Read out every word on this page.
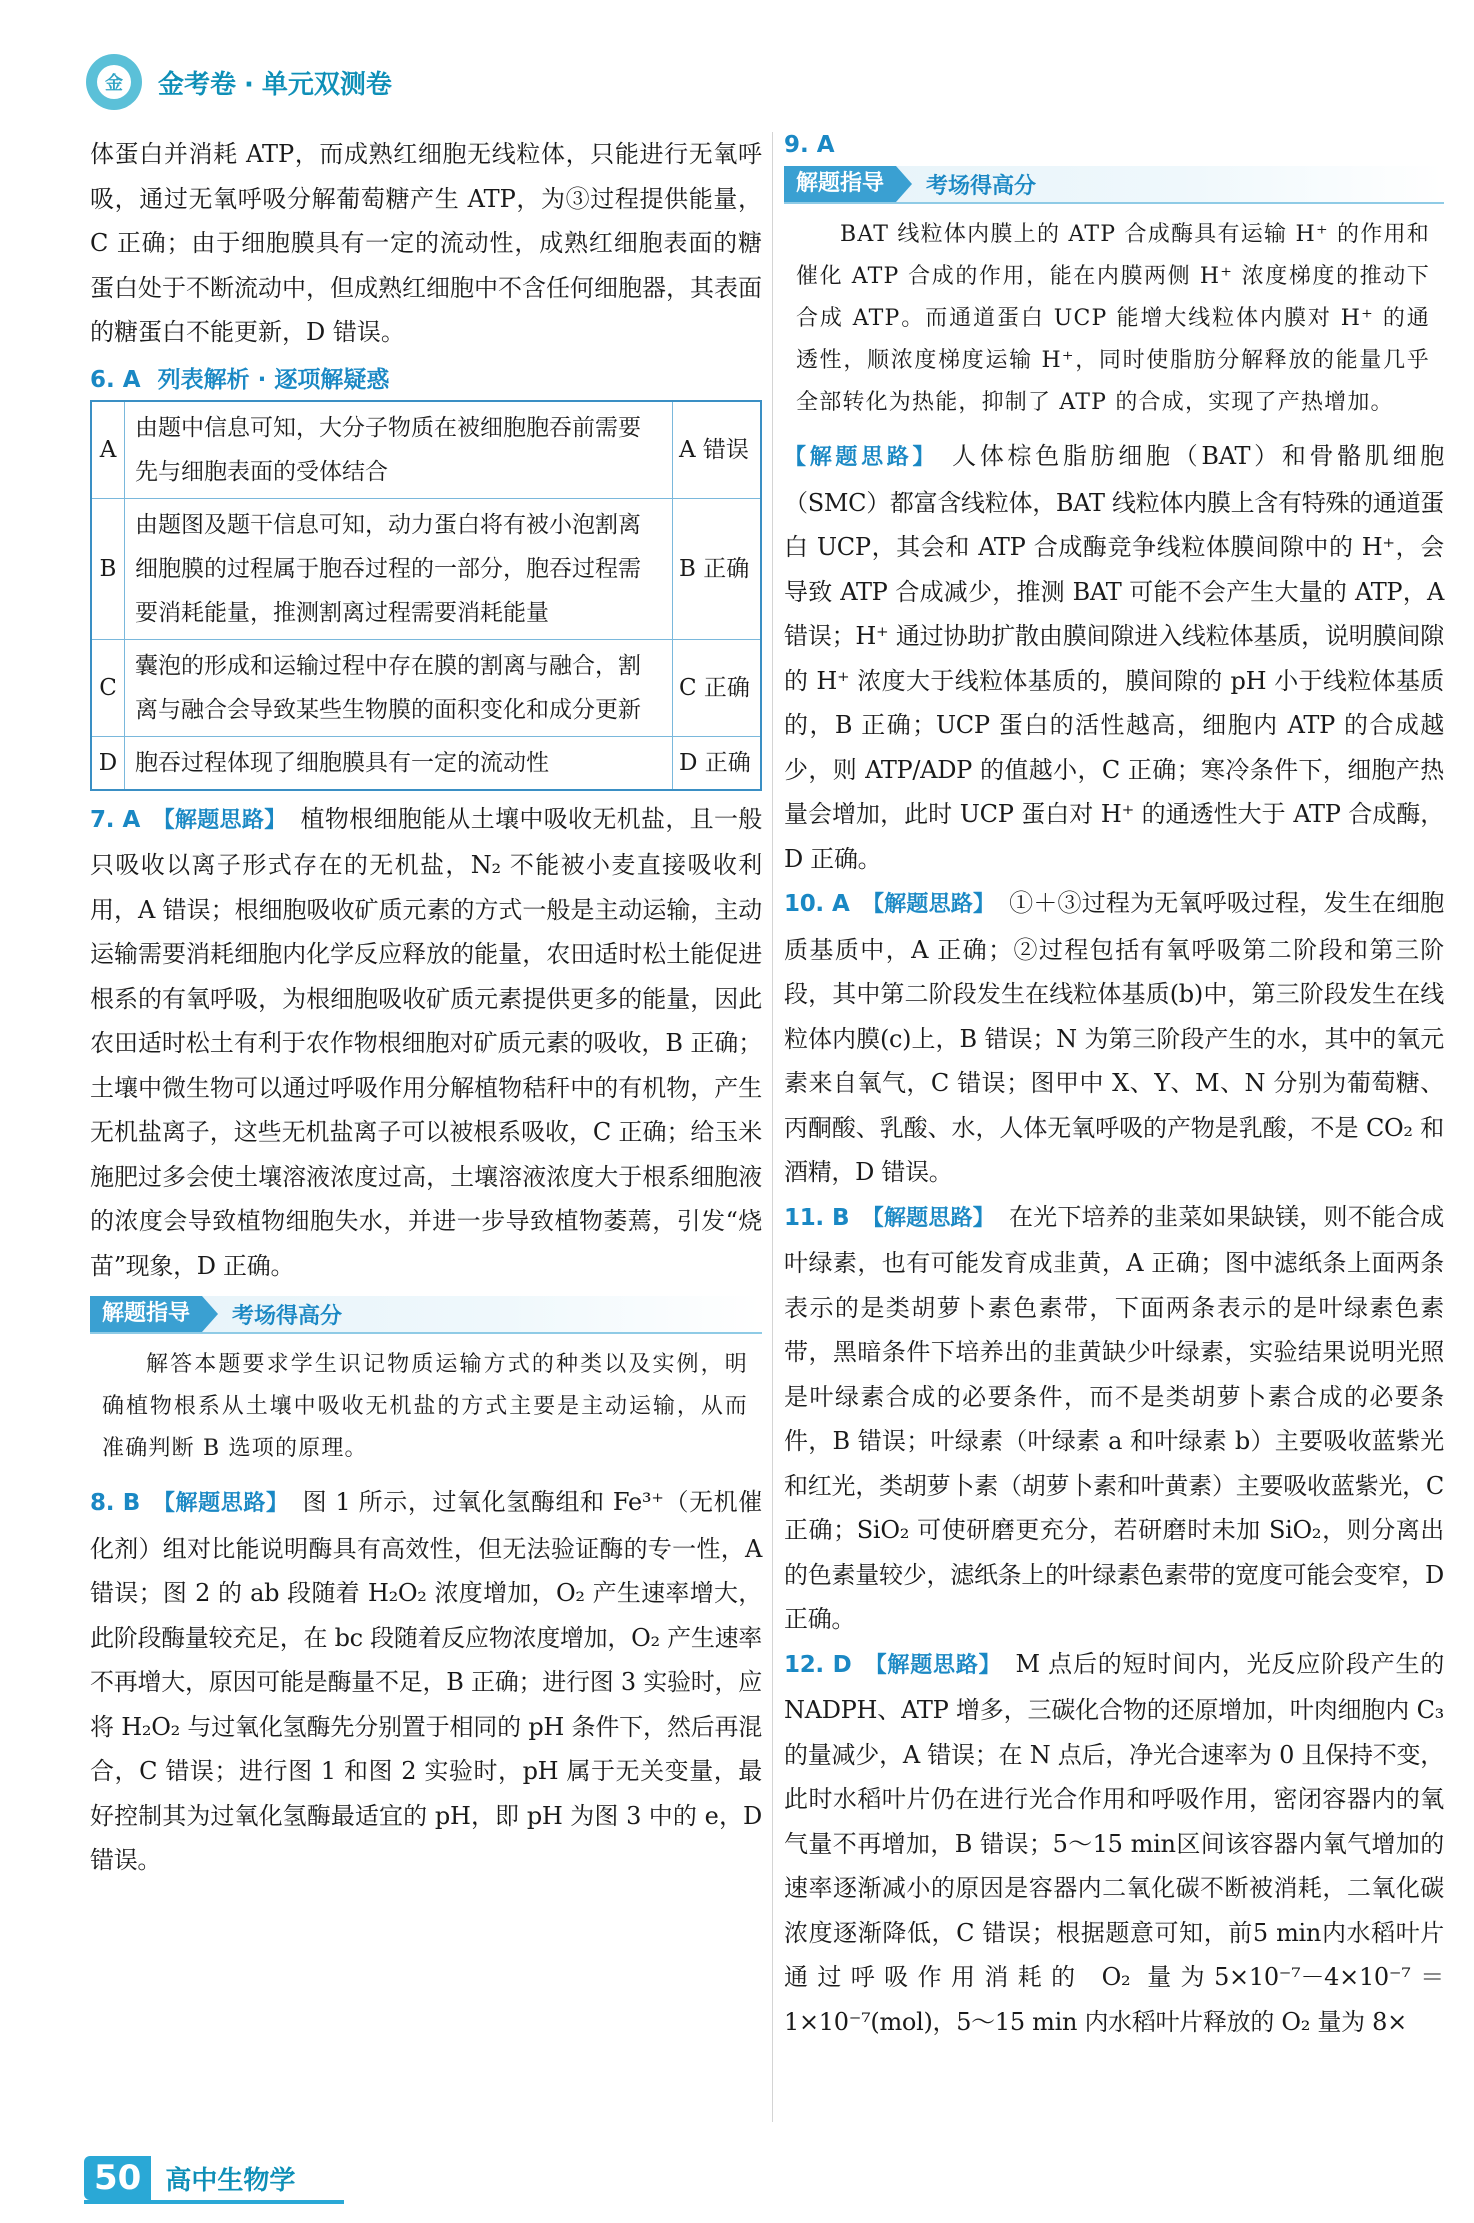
金	金考卷 · 单元双测卷

体蛋白并消耗 ATP，而成熟红细胞无线粒体，只能进行无氧呼吸，通过无氧呼吸分解葡萄糖产生 ATP，为③过程提供能量，C 正确；由于细胞膜具有一定的流动性，成熟红细胞表面的糖蛋白处于不断流动中，但成熟红细胞中不含任何细胞器，其表面的糖蛋白不能更新，D 错误。

6. A 列表解析 · 逐项解疑惑
A	由题中信息可知，大分子物质在被细胞胞吞前需要先与细胞表面的受体结合	A 错误
B	由题图及题干信息可知，动力蛋白将有被小泡割离细胞膜的过程属于胞吞过程的一部分，胞吞过程需要消耗能量，推测割离过程需要消耗能量	B 正确
C	囊泡的形成和运输过程中存在膜的割离与融合，割离与融合会导致某些生物膜的面积变化和成分更新	C 正确
D	胞吞过程体现了细胞膜具有一定的流动性	D 正确

7. A 【解题思路】 植物根细胞能从土壤中吸收无机盐，且一般只吸收以离子形式存在的无机盐，N₂ 不能被小麦直接吸收利用，A 错误；根细胞吸收矿质元素的方式一般是主动运输，主动运输需要消耗细胞内化学反应释放的能量，农田适时松土能促进根系的有氧呼吸，为根细胞吸收矿质元素提供更多的能量，因此农田适时松土有利于农作物根细胞对矿质元素的吸收，B 正确；土壤中微生物可以通过呼吸作用分解植物秸秆中的有机物，产生无机盐离子，这些无机盐离子可以被根系吸收，C 正确；给玉米施肥过多会使土壤溶液浓度过高，土壤溶液浓度大于根系细胞液的浓度会导致植物细胞失水，并进一步导致植物萎蔫，引发“烧苗”现象，D 正确。

解题指导	考场得高分

解答本题要求学生识记物质运输方式的种类以及实例，明确植物根系从土壤中吸收无机盐的方式主要是主动运输，从而准确判断 B 选项的原理。

8. B 【解题思路】 图 1 所示，过氧化氢酶组和 Fe³⁺（无机催化剂）组对比能说明酶具有高效性，但无法验证酶的专一性，A 错误；图 2 的 ab 段随着 H₂O₂ 浓度增加，O₂ 产生速率增大，此阶段酶量较充足，在 bc 段随着反应物浓度增加，O₂ 产生速率不再增大，原因可能是酶量不足，B 正确；进行图 3 实验时，应将 H₂O₂ 与过氧化氢酶先分别置于相同的 pH 条件下，然后再混合，C 错误；进行图 1 和图 2 实验时，pH 属于无关变量，最好控制其为过氧化氢酶最适宜的 pH，即 pH 为图 3 中的 e，D 错误。

9. A
解题指导	考场得高分

BAT 线粒体内膜上的 ATP 合成酶具有运输 H⁺ 的作用和催化 ATP 合成的作用，能在内膜两侧 H⁺ 浓度梯度的推动下合成 ATP。而通道蛋白 UCP 能增大线粒体内膜对 H⁺ 的通透性，顺浓度梯度运输 H⁺，同时使脂肪分解释放的能量几乎全部转化为热能，抑制了 ATP 的合成，实现了产热增加。

【解题思路】 人体棕色脂肪细胞（BAT）和骨骼肌细胞（SMC）都富含线粒体，BAT 线粒体内膜上含有特殊的通道蛋白 UCP，其会和 ATP 合成酶竞争线粒体膜间隙中的 H⁺，会导致 ATP 合成减少，推测 BAT 可能不会产生大量的 ATP，A 错误；H⁺ 通过协助扩散由膜间隙进入线粒体基质，说明膜间隙的 H⁺ 浓度大于线粒体基质的，膜间隙的 pH 小于线粒体基质的，B 正确；UCP 蛋白的活性越高，细胞内 ATP 的合成越少，则 ATP/ADP 的值越小，C 正确；寒冷条件下，细胞产热量会增加，此时 UCP 蛋白对 H⁺ 的通透性大于 ATP 合成酶，D 正确。

10. A 【解题思路】 ①＋③过程为无氧呼吸过程，发生在细胞质基质中，A 正确；②过程包括有氧呼吸第二阶段和第三阶段，其中第二阶段发生在线粒体基质(b)中，第三阶段发生在线粒体内膜(c)上，B 错误；N 为第三阶段产生的水，其中的氧元素来自氧气，C 错误；图甲中 X、Y、M、N 分别为葡萄糖、丙酮酸、乳酸、水，人体无氧呼吸的产物是乳酸，不是 CO₂ 和酒精，D 错误。

11. B 【解题思路】 在光下培养的韭菜如果缺镁，则不能合成叶绿素，也有可能发育成韭黄，A 正确；图中滤纸条上面两条表示的是类胡萝卜素色素带，下面两条表示的是叶绿素色素带，黑暗条件下培养出的韭黄缺少叶绿素，实验结果说明光照是叶绿素合成的必要条件，而不是类胡萝卜素合成的必要条件，B 错误；叶绿素（叶绿素 a 和叶绿素 b）主要吸收蓝紫光和红光，类胡萝卜素（胡萝卜素和叶黄素）主要吸收蓝紫光，C 正确；SiO₂ 可使研磨更充分，若研磨时未加 SiO₂，则分离出的色素量较少，滤纸条上的叶绿素色素带的宽度可能会变窄，D 正确。

12. D 【解题思路】 M 点后的短时间内，光反应阶段产生的 NADPH、ATP 增多，三碳化合物的还原增加，叶肉细胞内 C₃ 的量减少，A 错误；在 N 点后，净光合速率为 0 且保持不变，此时水稻叶片仍在进行光合作用和呼吸作用，密闭容器内的氧气量不再增加，B 错误；5～15 min区间该容器内氧气增加的速率逐渐减小的原因是容器内二氧化碳不断被消耗，二氧化碳浓度逐渐降低，C 错误；根据题意可知，前5 min内水稻叶片通过呼吸作用消耗的 O₂ 量为5×10⁻⁷－4×10⁻⁷＝1×10⁻⁷(mol)，5～15 min 内水稻叶片释放的 O₂ 量为 8×

50 高中生物学
